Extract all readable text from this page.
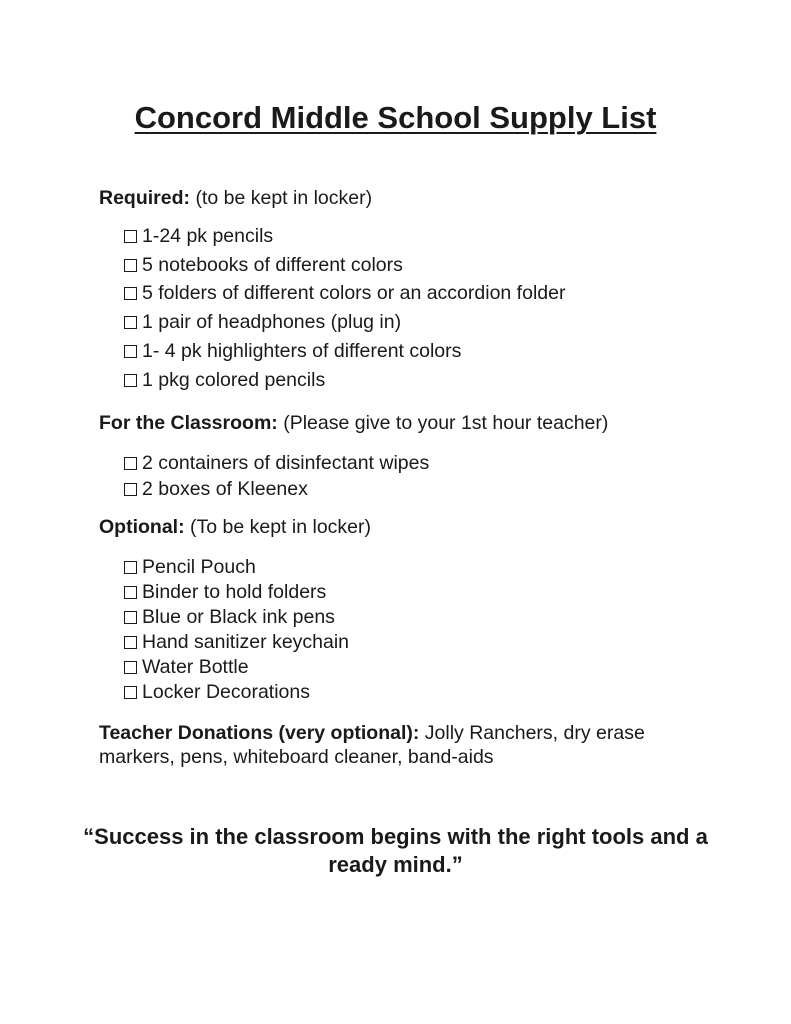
Concord Middle School Supply List

Required: (to be kept in locker)

1-24 pk pencils
5 notebooks of different colors
5 folders of different colors or an accordion folder
1 pair of headphones (plug in)
1- 4 pk highlighters of different colors
1 pkg colored pencils

For the Classroom: (Please give to your 1st hour teacher)

2 containers of disinfectant wipes
2 boxes of Kleenex

Optional: (To be kept in locker)

Pencil Pouch
Binder to hold folders
Blue or Black ink pens
Hand sanitizer keychain
Water Bottle
Locker Decorations

Teacher Donations (very optional): Jolly Ranchers, dry erase markers, pens, whiteboard cleaner, band-aids

“Success in the classroom begins with the right tools and a ready mind.”
